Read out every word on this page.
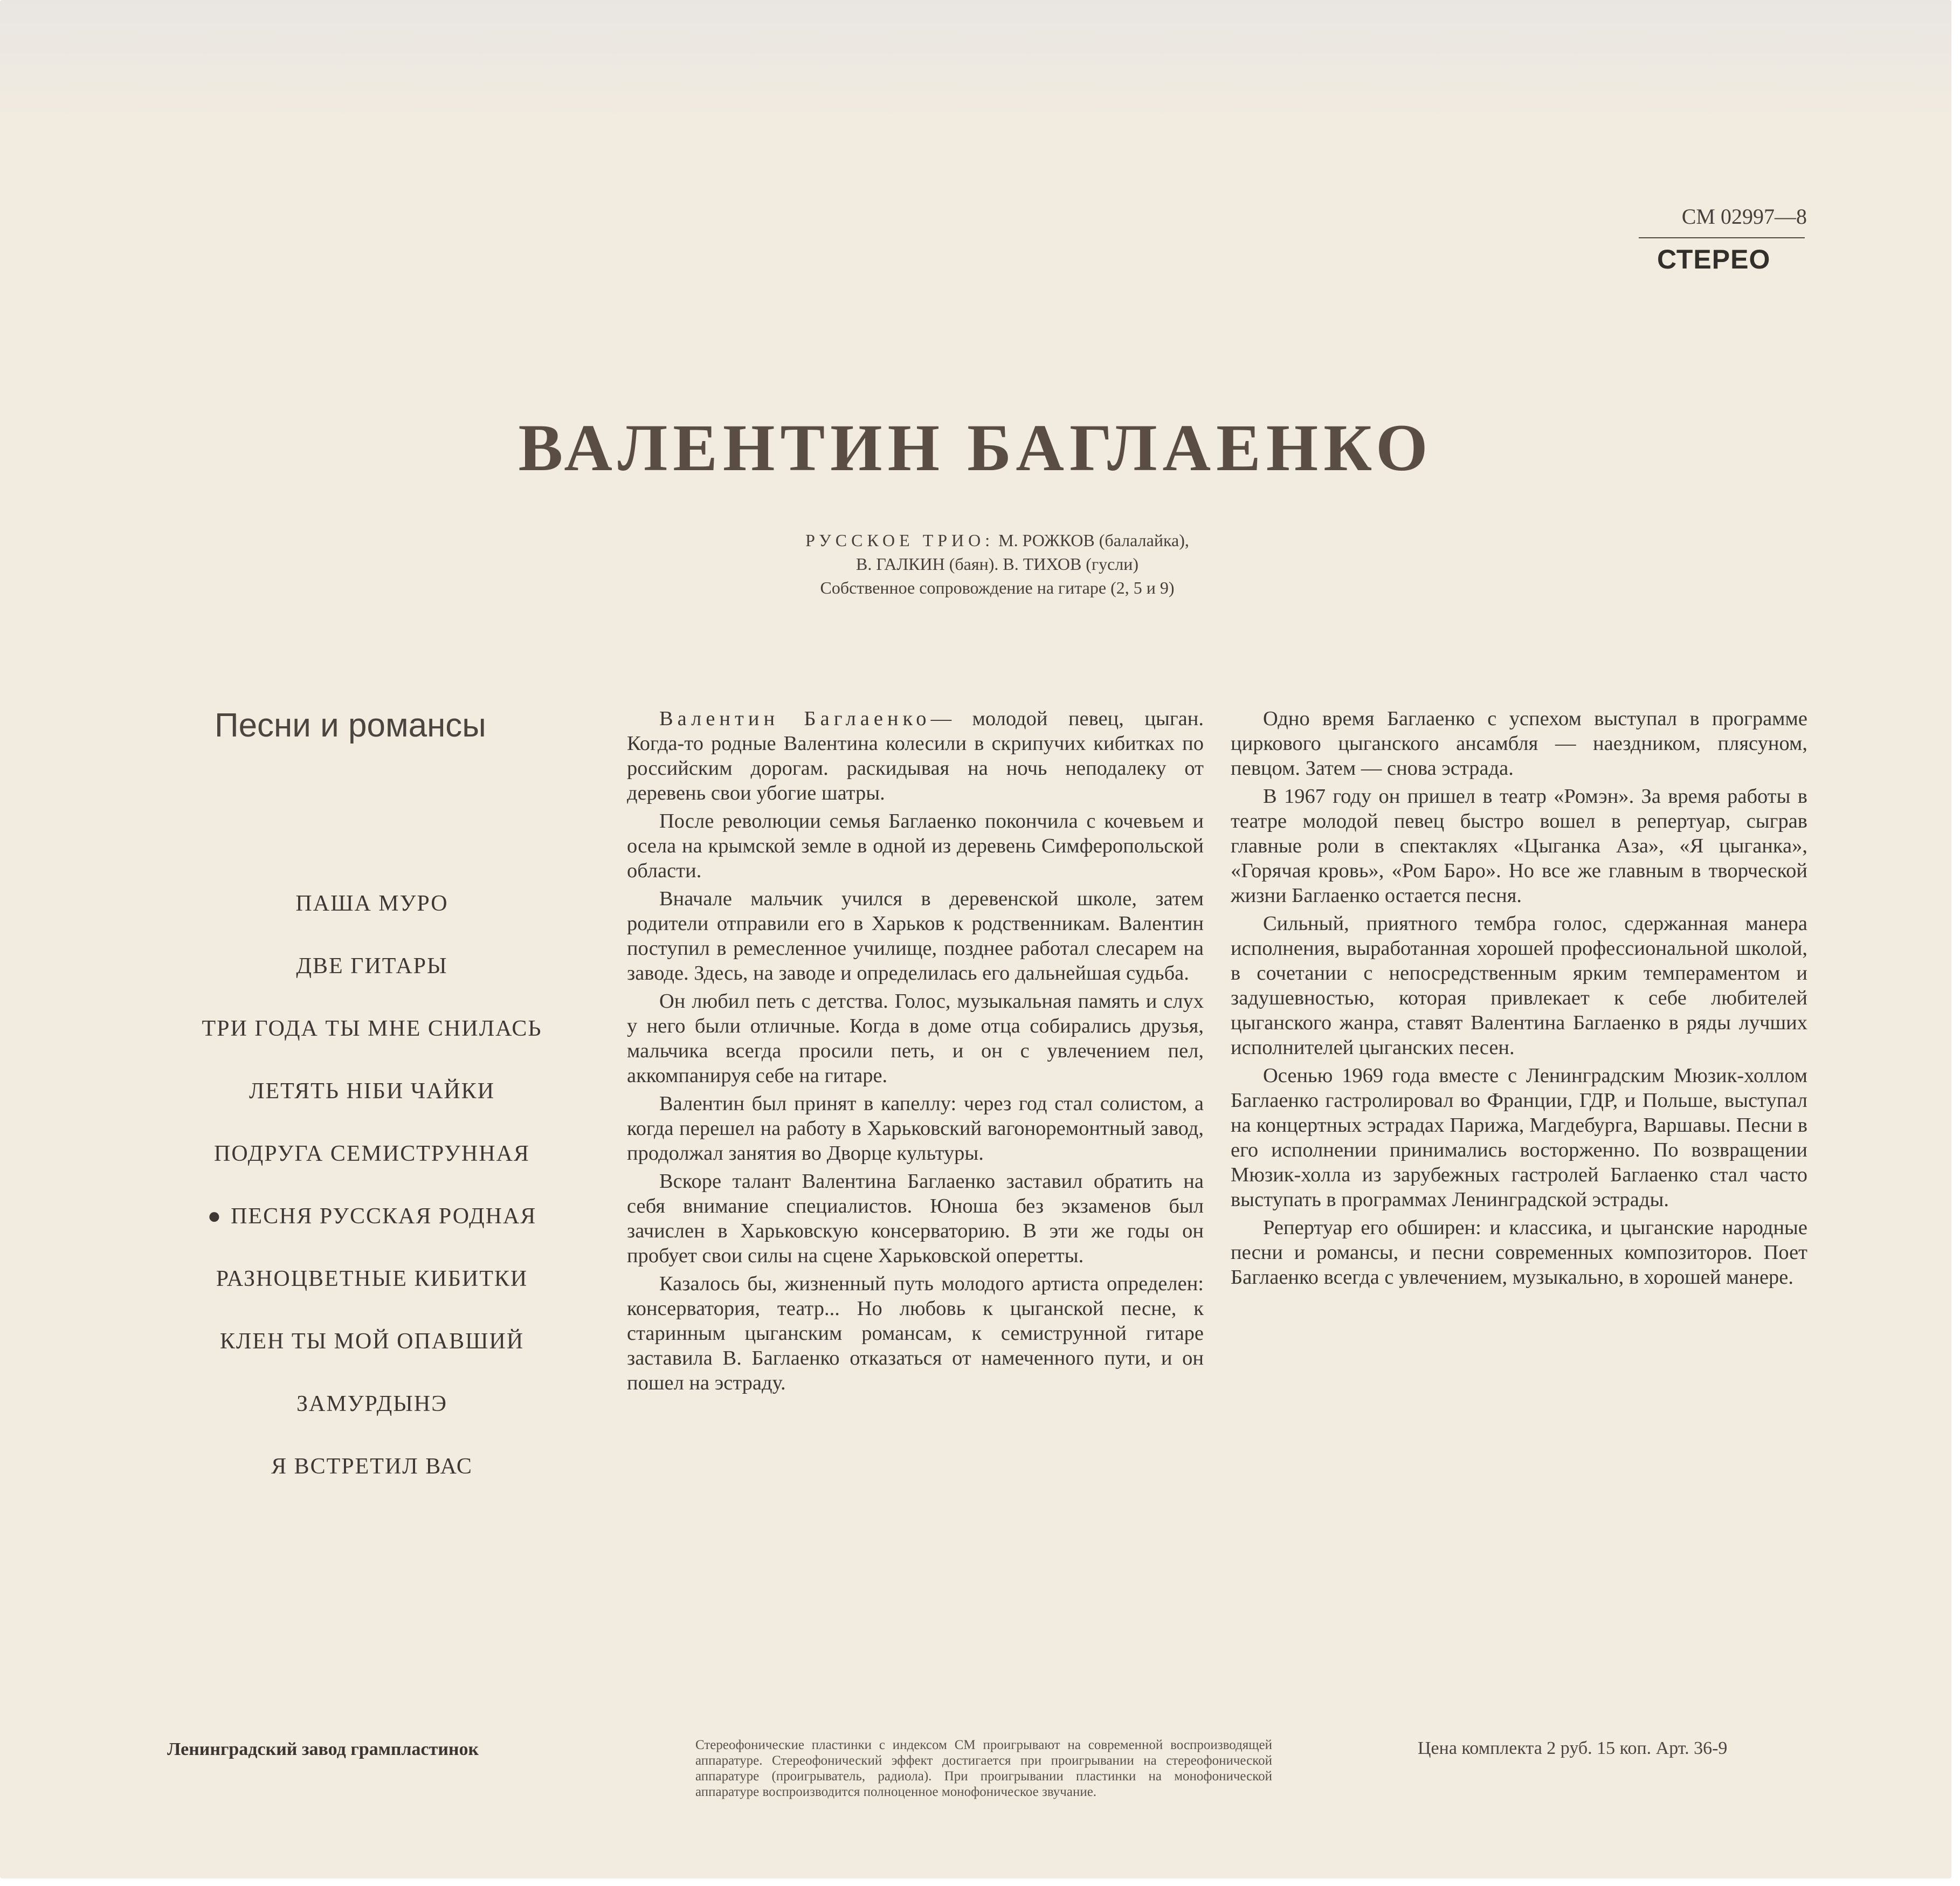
СМ 02997—8
СТЕРЕО
ВАЛЕНТИН БАГЛАЕНКО
РУССКОЕ ТРИО: М. РОЖКОВ (балалайка),
В. ГАЛКИН (баян). В. ТИХОВ (гусли)
Собственное сопровождение на гитаре (2, 5 и 9)
Песни и романсы
ПАША МУРО
ДВЕ ГИТАРЫ
ТРИ ГОДА ТЫ МНЕ СНИЛАСЬ
ЛЕТЯТЬ НIБИ ЧАЙКИ
ПОДРУГА СЕМИСТРУННАЯ
● ПЕСНЯ РУССКАЯ РОДНАЯ
РАЗНОЦВЕТНЫЕ КИБИТКИ
КЛЕН ТЫ МОЙ ОПАВШИЙ
ЗАМУРДЫНЭ
Я ВСТРЕТИЛ ВАС

Валентин Баглаенко— молодой певец, цыган. Когда-то родные Валентина колесили в скрипучих кибитках по российским дорогам. раскидывая на ночь неподалеку от деревень свои убогие шатры.

После революции семья Баглаенко покончила с кочевьем и осела на крымской земле в одной из деревень Симферопольской области.

Вначале мальчик учился в деревенской школе, затем родители отправили его в Харьков к родственникам. Валентин поступил в ремесленное училище, позднее работал слесарем на заводе. Здесь, на заводе и определилась его дальнейшая судьба.

Он любил петь с детства. Голос, музыкальная память и слух у него были отличные. Когда в доме отца собирались друзья, мальчика всегда просили петь, и он с увлечением пел, аккомпанируя себе на гитаре.

Валентин был принят в капеллу: через год стал солистом, а когда перешел на работу в Харьковский вагоноремонтный завод, продолжал занятия во Дворце культуры.

Вскоре талант Валентина Баглаенко заставил обратить на себя внимание специалистов. Юноша без экзаменов был зачислен в Харьковскую консерваторию. В эти же годы он пробует свои силы на сцене Харьковской оперетты.

Казалось бы, жизненный путь молодого артиста определен: консерватория, театр... Но любовь к цыганской песне, к старинным цыганским романсам, к семиструнной гитаре заставила В. Баглаенко отказаться от намеченного пути, и он пошел на эстраду.

Одно время Баглаенко с успехом выступал в программе циркового цыганского ансамбля — наездником, плясуном, певцом. Затем — снова эстрада.

В 1967 году он пришел в театр «Ромэн». За время работы в театре молодой певец быстро вошел в репертуар, сыграв главные роли в спектаклях «Цыганка Аза», «Я цыганка», «Горячая кровь», «Ром Баро». Но все же главным в творческой жизни Баглаенко остается песня.

Сильный, приятного тембра голос, сдержанная манера исполнения, выработанная хорошей профессиональной школой, в сочетании с непосредственным ярким темпераментом и задушевностью, которая привлекает к себе любителей цыганского жанра, ставят Валентина Баглаенко в ряды лучших исполнителей цыганских песен.

Осенью 1969 года вместе с Ленинградским Мюзик-холлом Баглаенко гастролировал во Франции, ГДР, и Польше, выступал на концертных эстрадах Парижа, Магдебурга, Варшавы. Песни в его исполнении принимались восторженно. По возвращении Мюзик-холла из зарубежных гастролей Баглаенко стал часто выступать в программах Ленинградской эстрады.

Репертуар его обширен: и классика, и цыганские народные песни и романсы, и песни современных композиторов. Поет Баглаенко всегда с увлечением, музыкально, в хорошей манере.

Ленинградский завод грампластинок	Стереофонические пластинки с индексом СМ проигрывают на современной воспроизводящей аппаратуре. Стереофонический эффект достигается при проигрывании на стереофонической аппаратуре (проигрыватель, радиола). При проигрывании пластинки на монофонической аппаратуре воспроизводится полноценное монофоническое звучание.
Цена комплекта 2 руб. 15 коп. Арт. 36-9
